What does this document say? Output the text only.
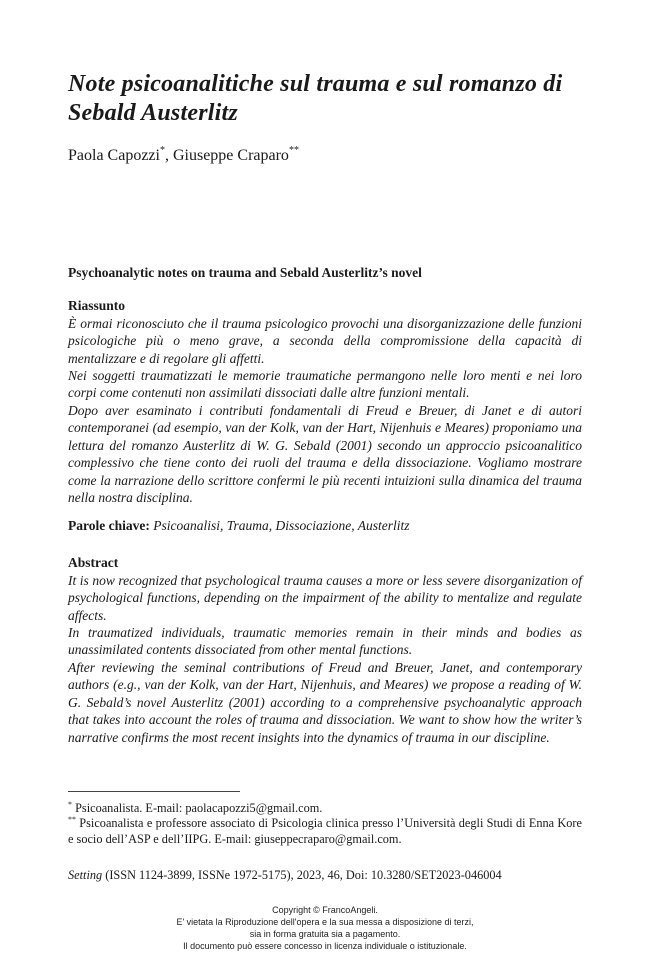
Note psicoanalitiche sul trauma e sul romanzo di
Sebald Austerlitz

Paola Capozzi*, Giuseppe Craparo**

Psychoanalytic notes on trauma and Sebald Austerlitz’s novel

Riassunto

È ormai riconosciuto che il trauma psicologico provochi una disorganizzazione delle funzioni psicologiche più o meno grave, a seconda della compromissione della capacità di mentalizzare e di regolare gli affetti.

Nei soggetti traumatizzati le memorie traumatiche permangono nelle loro menti e nei loro corpi come contenuti non assimilati dissociati dalle altre funzioni mentali.

Dopo aver esaminato i contributi fondamentali di Freud e Breuer, di Janet e di autori contemporanei (ad esempio, van der Kolk, van der Hart, Nijenhuis e Meares) proponiamo una lettura del romanzo Austerlitz di W. G. Sebald (2001) secondo un approccio psicoanalitico complessivo che tiene conto dei ruoli del trauma e della dissociazione. Vogliamo mostrare come la narrazione dello scrittore confermi le più recenti intuizioni sulla dinamica del trauma nella nostra disciplina.

Parole chiave: Psicoanalisi, Trauma, Dissociazione, Austerlitz

Abstract

It is now recognized that psychological trauma causes a more or less severe disorganization of psychological functions, depending on the impairment of the ability to mentalize and regulate affects.

In traumatized individuals, traumatic memories remain in their minds and bodies as unassimilated contents dissociated from other mental functions.

After reviewing the seminal contributions of Freud and Breuer, Janet, and contemporary authors (e.g., van der Kolk, van der Hart, Nijenhuis, and Meares) we propose a reading of W. G. Sebald’s novel Austerlitz (2001) according to a comprehensive psychoanalytic approach that takes into account the roles of trauma and dissociation. We want to show how the writer’s narrative confirms the most recent insights into the dynamics of trauma in our discipline.

* Psicoanalista. E-mail: paolacapozzi5@gmail.com.

** Psicoanalista e professore associato di Psicologia clinica presso l’Università degli Studi di Enna Kore e socio dell’ASP e dell’IIPG. E-mail: giuseppecraparo@gmail.com.

Setting (ISSN 1124-3899, ISSNe 1972-5175), 2023, 46, Doi: 10.3280/SET2023-046004

Copyright © FrancoAngeli.

E' vietata la Riproduzione dell'opera e la sua messa a disposizione di terzi,

sia in forma gratuita sia a pagamento.

Il documento può essere concesso in licenza individuale o istituzionale.
